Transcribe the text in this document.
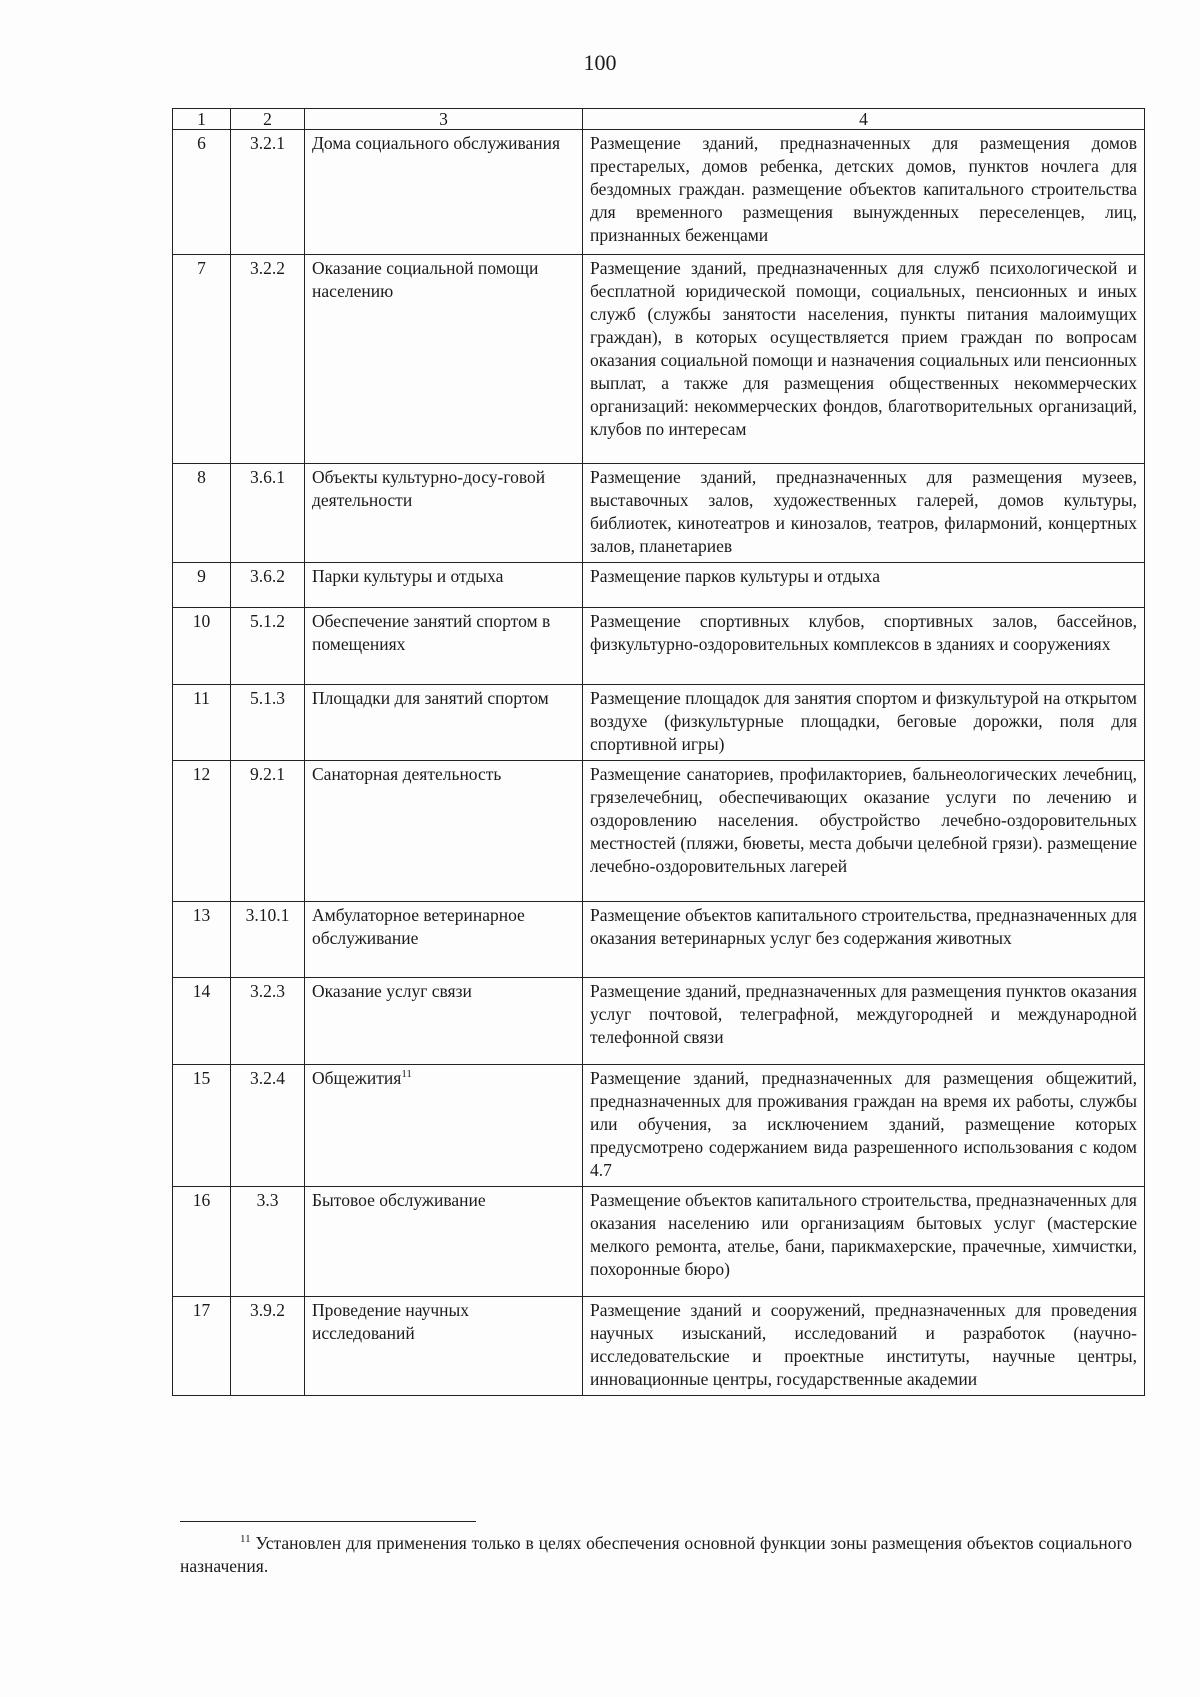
100
1	2	3	4
6	3.2.1	Дома социального обслуживания	Размещение зданий, предназначенных для размещения домов престарелых, домов ребенка, детских домов, пунктов ночлега для бездомных граждан. размещение объектов капитального строительства для временного размещения вынужденных переселенцев, лиц, признанных беженцами
7	3.2.2	Оказание социальной помощи населению	Размещение зданий, предназначенных для служб психологической и бесплатной юридической помощи, социальных, пенсионных и иных служб (службы занятости населения, пункты питания малоимущих граждан), в которых осуществляется прием граждан по вопросам оказания социальной помощи и назначения социальных или пенсионных выплат, а также для размещения общественных некоммерческих организаций: некоммерческих фондов, благотворительных организаций, клубов по интересам
8	3.6.1	Объекты культурно-досу-говой деятельности	Размещение зданий, предназначенных для размещения музеев, выставочных залов, художественных галерей, домов культуры, библиотек, кинотеатров и кинозалов, театров, филармоний, концертных залов, планетариев
9	3.6.2	Парки культуры и отдыха	Размещение парков культуры и отдыха
10	5.1.2	Обеспечение занятий спортом в помещениях	Размещение спортивных клубов, спортивных залов, бассейнов, физкультурно-оздоровительных комплексов в зданиях и сооружениях
11	5.1.3	Площадки для занятий спортом	Размещение площадок для занятия спортом и физкультурой на открытом воздухе (физкультурные площадки, беговые дорожки, поля для спортивной игры)
12	9.2.1	Санаторная деятельность	Размещение санаториев, профилакториев, бальнеологических лечебниц, грязелечебниц, обеспечивающих оказание услуги по лечению и оздоровлению населения. обустройство лечебно-оздоровительных местностей (пляжи, бюветы, места добычи целебной грязи). размещение лечебно-оздоровительных лагерей
13	3.10.1	Амбулаторное ветеринарное обслуживание	Размещение объектов капитального строительства, предназначенных для оказания ветеринарных услуг без содержания животных
14	3.2.3	Оказание услуг связи	Размещение зданий, предназначенных для размещения пунктов оказания услуг почтовой, телеграфной, междугородней и международной телефонной связи
15	3.2.4	Общежития$^{11}$	Размещение зданий, предназначенных для размещения общежитий, предназначенных для проживания граждан на время их работы, службы или обучения, за исключением зданий, размещение которых предусмотрено содержанием вида разрешенного использования с кодом 4.7
16	3.3	Бытовое обслуживание	Размещение объектов капитального строительства, предназначенных для оказания населению или организациям бытовых услуг (мастерские мелкого ремонта, ателье, бани, парикмахерские, прачечные, химчистки, похоронные бюро)
17	3.9.2	Проведение научных исследований	Размещение зданий и сооружений, предназначенных для проведения научных изысканий, исследований и разработок (научно-исследовательские и проектные институты, научные центры, инновационные центры, государственные академии
$^{11}$ Установлен для применения только в целях обеспечения основной функции зоны размещения объектов социального назначения.
